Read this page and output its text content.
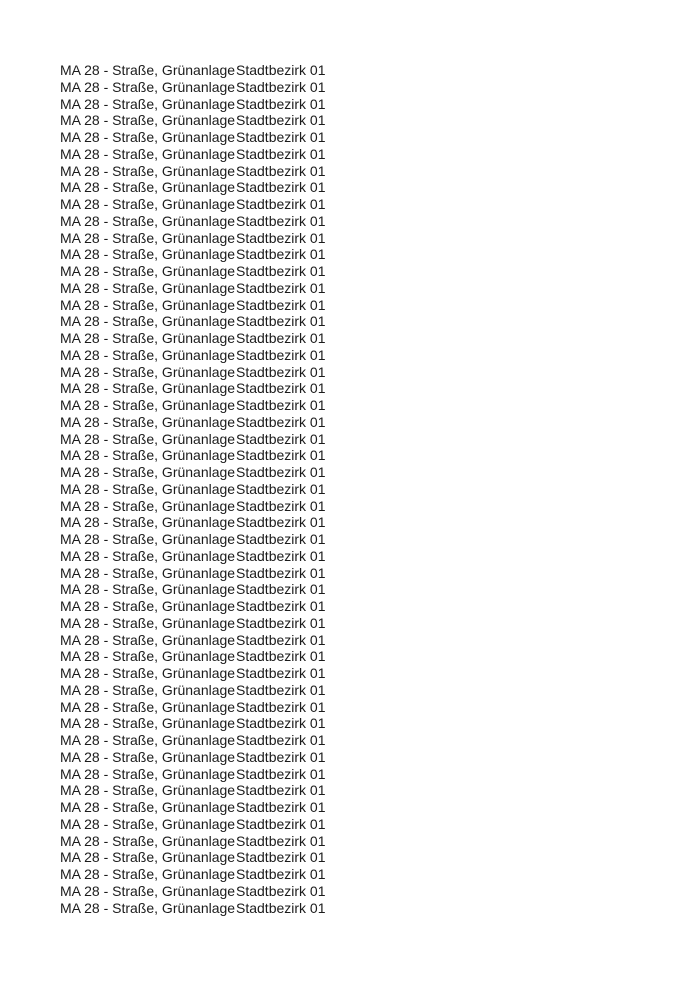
MA 28 - Straße, Grünanlage Stadtbezirk 01
MA 28 - Straße, Grünanlage Stadtbezirk 01
MA 28 - Straße, Grünanlage Stadtbezirk 01
MA 28 - Straße, Grünanlage Stadtbezirk 01
MA 28 - Straße, Grünanlage Stadtbezirk 01
MA 28 - Straße, Grünanlage Stadtbezirk 01
MA 28 - Straße, Grünanlage Stadtbezirk 01
MA 28 - Straße, Grünanlage Stadtbezirk 01
MA 28 - Straße, Grünanlage Stadtbezirk 01
MA 28 - Straße, Grünanlage Stadtbezirk 01
MA 28 - Straße, Grünanlage Stadtbezirk 01
MA 28 - Straße, Grünanlage Stadtbezirk 01
MA 28 - Straße, Grünanlage Stadtbezirk 01
MA 28 - Straße, Grünanlage Stadtbezirk 01
MA 28 - Straße, Grünanlage Stadtbezirk 01
MA 28 - Straße, Grünanlage Stadtbezirk 01
MA 28 - Straße, Grünanlage Stadtbezirk 01
MA 28 - Straße, Grünanlage Stadtbezirk 01
MA 28 - Straße, Grünanlage Stadtbezirk 01
MA 28 - Straße, Grünanlage Stadtbezirk 01
MA 28 - Straße, Grünanlage Stadtbezirk 01
MA 28 - Straße, Grünanlage Stadtbezirk 01
MA 28 - Straße, Grünanlage Stadtbezirk 01
MA 28 - Straße, Grünanlage Stadtbezirk 01
MA 28 - Straße, Grünanlage Stadtbezirk 01
MA 28 - Straße, Grünanlage Stadtbezirk 01
MA 28 - Straße, Grünanlage Stadtbezirk 01
MA 28 - Straße, Grünanlage Stadtbezirk 01
MA 28 - Straße, Grünanlage Stadtbezirk 01
MA 28 - Straße, Grünanlage Stadtbezirk 01
MA 28 - Straße, Grünanlage Stadtbezirk 01
MA 28 - Straße, Grünanlage Stadtbezirk 01
MA 28 - Straße, Grünanlage Stadtbezirk 01
MA 28 - Straße, Grünanlage Stadtbezirk 01
MA 28 - Straße, Grünanlage Stadtbezirk 01
MA 28 - Straße, Grünanlage Stadtbezirk 01
MA 28 - Straße, Grünanlage Stadtbezirk 01
MA 28 - Straße, Grünanlage Stadtbezirk 01
MA 28 - Straße, Grünanlage Stadtbezirk 01
MA 28 - Straße, Grünanlage Stadtbezirk 01
MA 28 - Straße, Grünanlage Stadtbezirk 01
MA 28 - Straße, Grünanlage Stadtbezirk 01
MA 28 - Straße, Grünanlage Stadtbezirk 01
MA 28 - Straße, Grünanlage Stadtbezirk 01
MA 28 - Straße, Grünanlage Stadtbezirk 01
MA 28 - Straße, Grünanlage Stadtbezirk 01
MA 28 - Straße, Grünanlage Stadtbezirk 01
MA 28 - Straße, Grünanlage Stadtbezirk 01
MA 28 - Straße, Grünanlage Stadtbezirk 01
MA 28 - Straße, Grünanlage Stadtbezirk 01
MA 28 - Straße, Grünanlage Stadtbezirk 01
